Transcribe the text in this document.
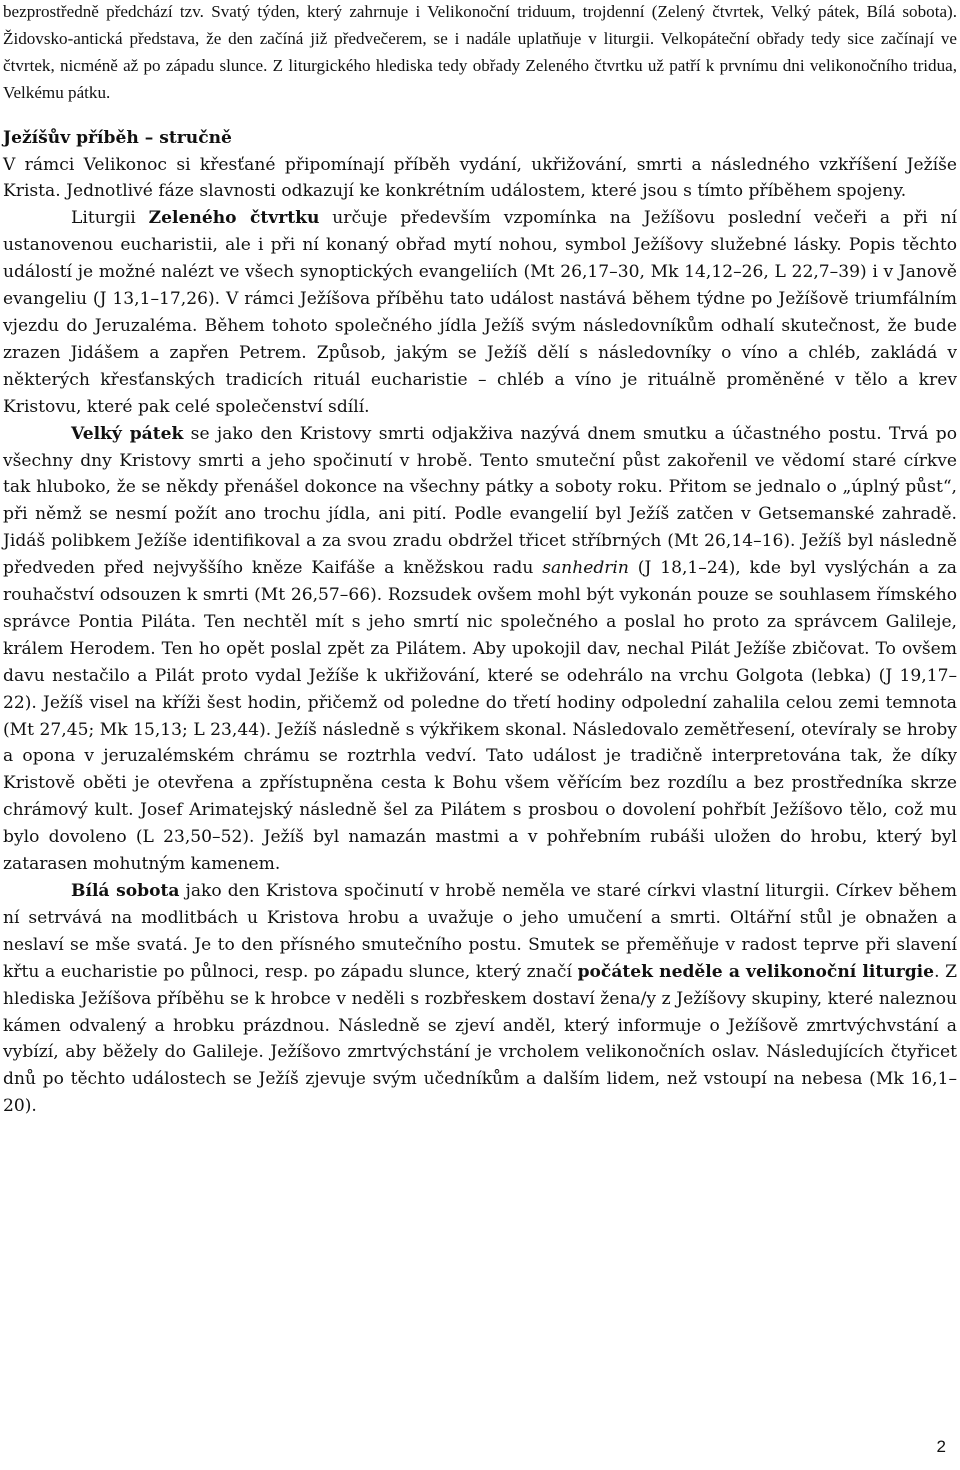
bezprostředně předchází tzv. Svatý týden, který zahrnuje i Velikonoční triduum, trojdenní (Zelený čtvrtek, Velký pátek, Bílá sobota). Židovsko-antická představa, že den začíná již předvečerem, se i nadále uplatňuje v liturgii. Velkopáteční obřady tedy sice začínají ve čtvrtek, nicméně až po západu slunce. Z liturgického hlediska tedy obřady Zeleného čtvrtku už patří k prvnímu dni velikonočního tridua, Velkému pátku.

Ježíšův příběh – stručně

V rámci Velikonoc si křesťané připomínají příběh vydání, ukřižování, smrti a následného vzkříšení Ježíše Krista. Jednotlivé fáze slavnosti odkazují ke konkrétním událostem, které jsou s tímto příběhem spojeny.

Liturgii Zeleného čtvrtku určuje především vzpomínka na Ježíšovu poslední večeři a při ní ustanovenou eucharistii, ale i při ní konaný obřad mytí nohou, symbol Ježíšovy služebné lásky. Popis těchto událostí je možné nalézt ve všech synoptických evangeliích (Mt 26,17–30, Mk 14,12–26, L 22,7–39) i v Janově evangeliu (J 13,1–17,26). V rámci Ježíšova příběhu tato událost nastává během týdne po Ježíšově triumfálním vjezdu do Jeruzaléma. Během tohoto společného jídla Ježíš svým následovníkům odhalí skutečnost, že bude zrazen Jidášem a zapřen Petrem. Způsob, jakým se Ježíš dělí s následovníky o víno a chléb, zakládá v některých křesťanských tradicích rituál eucharistie – chléb a víno je rituálně proměněné v tělo a krev Kristovu, které pak celé společenství sdílí.

Velký pátek se jako den Kristovy smrti odjakživa nazývá dnem smutku a účastného postu. Trvá po všechny dny Kristovy smrti a jeho spočinutí v hrobě. Tento smuteční půst zakořenil ve vědomí staré církve tak hluboko, že se někdy přenášel dokonce na všechny pátky a soboty roku. Přitom se jednalo o „úplný půst“, při němž se nesmí požít ano trochu jídla, ani pití. Podle evangelií byl Ježíš zatčen v Getsemanské zahradě. Jidáš polibkem Ježíše identifikoval a za svou zradu obdržel třicet stříbrných (Mt 26,14–16). Ježíš byl následně předveden před nejvyššího kněze Kaifáše a kněžskou radu sanhedrin (J 18,1–24), kde byl vyslýchán a za rouhačství odsouzen k smrti (Mt 26,57–66). Rozsudek ovšem mohl být vykonán pouze se souhlasem římského správce Pontia Piláta. Ten nechtěl mít s jeho smrtí nic společného a poslal ho proto za správcem Galileje, králem Herodem. Ten ho opět poslal zpět za Pilátem. Aby upokojil dav, nechal Pilát Ježíše zbičovat. To ovšem davu nestačilo a Pilát proto vydal Ježíše k ukřižování, které se odehrálo na vrchu Golgota (lebka) (J 19,17–22). Ježíš visel na kříži šest hodin, přičemž od poledne do třetí hodiny odpolední zahalila celou zemi temnota (Mt 27,45; Mk 15,13; L 23,44). Ježíš následně s výkřikem skonal. Následovalo zemětřesení, otevíraly se hroby a opona v jeruzalémském chrámu se roztrhla vedví. Tato událost je tradičně interpretována tak, že díky Kristově oběti je otevřena a zpřístupněna cesta k Bohu všem věřícím bez rozdílu a bez prostředníka skrze chrámový kult. Josef Arimatejský následně šel za Pilátem s prosbou o dovolení pohřbít Ježíšovo tělo, což mu bylo dovoleno (L 23,50–52). Ježíš byl namazán mastmi a v pohřebním rubáši uložen do hrobu, který byl zatarasen mohutným kamenem.

Bílá sobota jako den Kristova spočinutí v hrobě neměla ve staré církvi vlastní liturgii. Církev během ní setrvává na modlitbách u Kristova hrobu a uvažuje o jeho umučení a smrti. Oltářní stůl je obnažen a neslaví se mše svatá. Je to den přísného smutečního postu. Smutek se přeměňuje v radost teprve při slavení křtu a eucharistie po půlnoci, resp. po západu slunce, který značí počátek neděle a velikonoční liturgie. Z hlediska Ježíšova příběhu se k hrobce v neděli s rozbřeskem dostaví žena/y z Ježíšovy skupiny, které naleznou kámen odvalený a hrobku prázdnou. Následně se zjeví anděl, který informuje o Ježíšově zmrtvýchvstání a vybízí, aby běžely do Galileje. Ježíšovo zmrtvýchstání je vrcholem velikonočních oslav. Následujících čtyřicet dnů po těchto událostech se Ježíš zjevuje svým učedníkům a dalším lidem, než vstoupí na nebesa (Mk 16,1–20).

2
